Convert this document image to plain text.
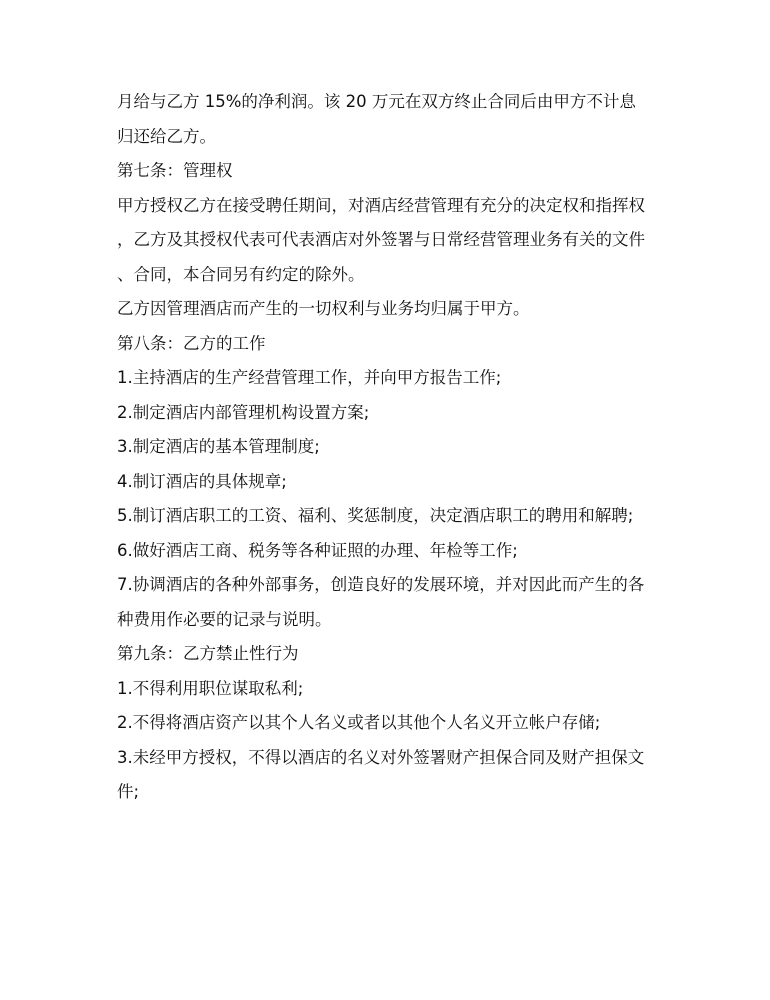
月给与乙方 15%的净利润。该 20 万元在双方终止合同后由甲方不计息归还给乙方。

第七条：管理权

甲方授权乙方在接受聘任期间，对酒店经营管理有充分的决定权和指挥权，乙方及其授权代表可代表酒店对外签署与日常经营管理业务有关的文件、合同，本合同另有约定的除外。

乙方因管理酒店而产生的一切权利与业务均归属于甲方。

第八条：乙方的工作

1.主持酒店的生产经营管理工作，并向甲方报告工作;

2.制定酒店内部管理机构设置方案;

3.制定酒店的基本管理制度;

4.制订酒店的具体规章;

5.制订酒店职工的工资、福利、奖惩制度，决定酒店职工的聘用和解聘;

6.做好酒店工商、税务等各种证照的办理、年检等工作;

7.协调酒店的各种外部事务，创造良好的发展环境，并对因此而产生的各种费用作必要的记录与说明。

第九条：乙方禁止性行为

1.不得利用职位谋取私利;

2.不得将酒店资产以其个人名义或者以其他个人名义开立帐户存储;

3.未经甲方授权，不得以酒店的名义对外签署财产担保合同及财产担保文件;
